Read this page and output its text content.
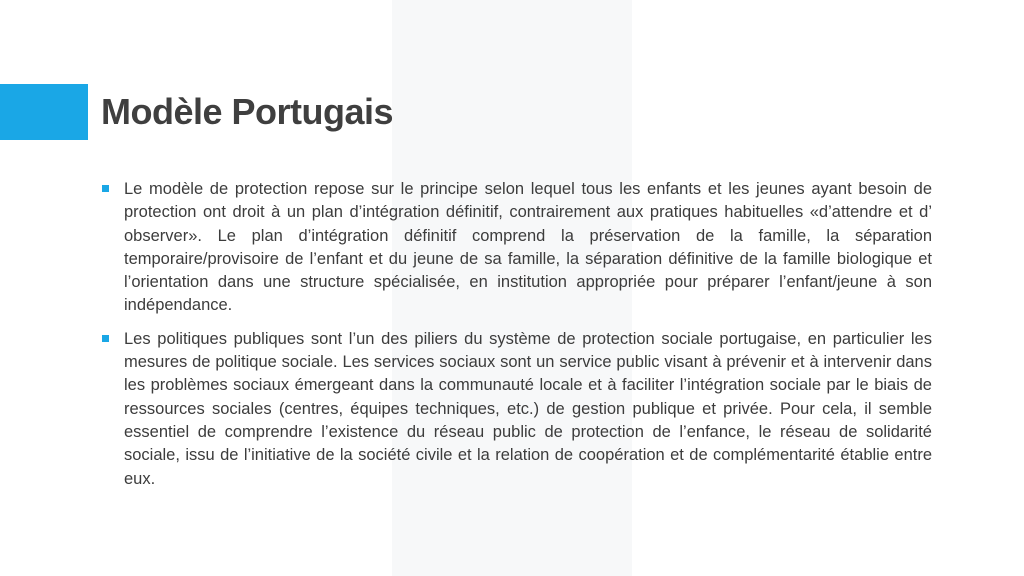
Modèle Portugais
Le modèle de protection repose sur le principe selon lequel tous les enfants et les jeunes ayant besoin de protection ont droit à un plan d’intégration définitif, contrairement aux pratiques habituelles «d’attendre et d’ observer». Le plan d’intégration définitif comprend la préservation de la famille, la séparation temporaire/provisoire de l’enfant et du jeune de sa famille, la séparation définitive de la famille biologique et l’orientation dans une structure spécialisée, en institution appropriée pour préparer l’enfant/jeune à son indépendance.
Les politiques publiques sont l’un des piliers du système de protection sociale portugaise, en particulier les mesures de politique sociale. Les services sociaux sont un service public visant à prévenir et à intervenir dans les problèmes sociaux émergeant dans la communauté locale et à faciliter l’intégration sociale par le biais de ressources sociales (centres, équipes techniques, etc.) de gestion publique et privée. Pour cela, il semble essentiel de comprendre l’existence du réseau public de protection de l’enfance, le réseau de solidarité sociale, issu de l’initiative de la société civile et la relation de coopération et de complémentarité établie entre eux.
